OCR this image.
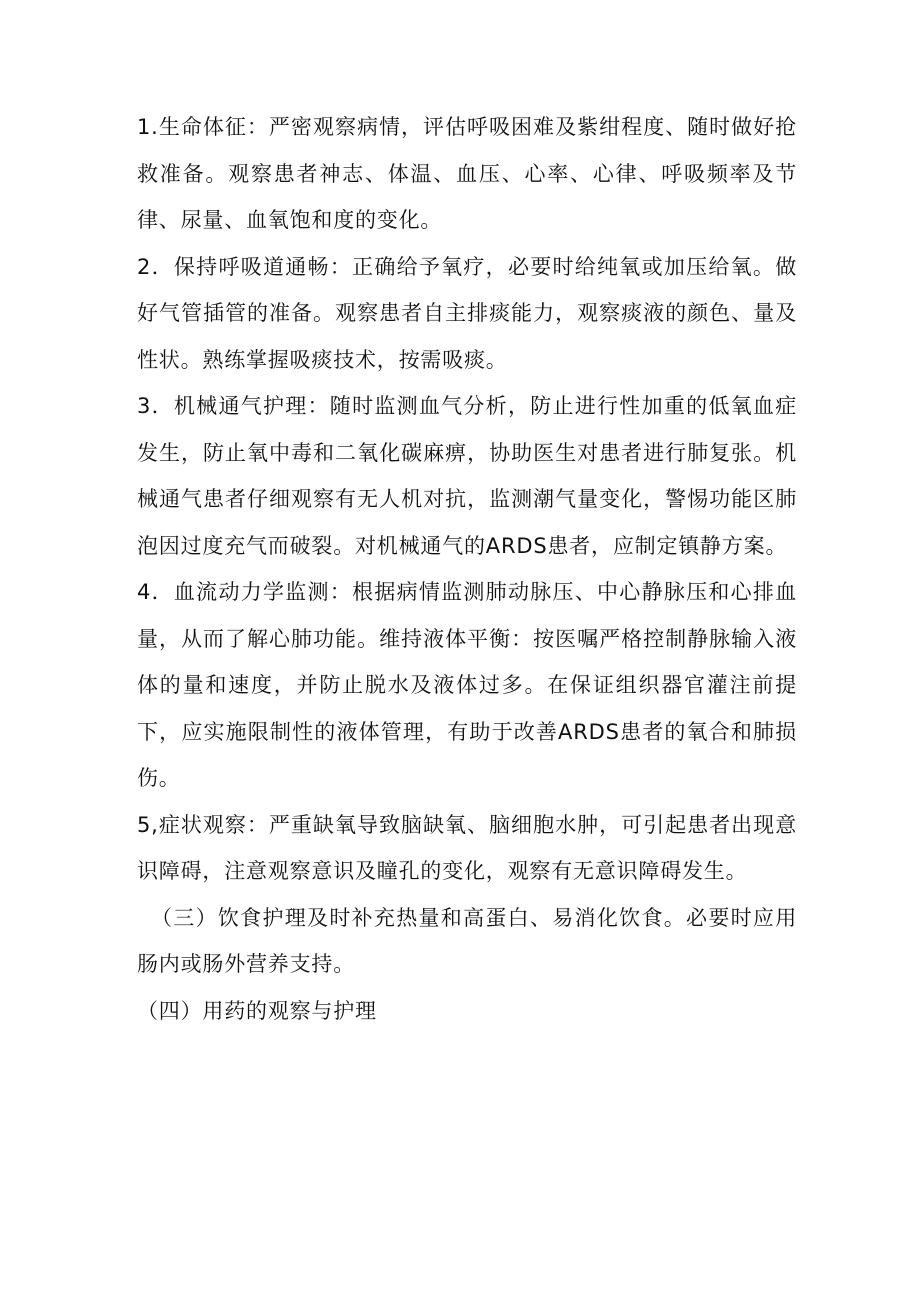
1.生命体征：严密观察病情，评估呼吸困难及紫绀程度、随时做好抢救准备。观察患者神志、体温、血压、心率、心律、呼吸频率及节律、尿量、血氧饱和度的变化。

2．保持呼吸道通畅：正确给予氧疗，必要时给纯氧或加压给氧。做好气管插管的准备。观察患者自主排痰能力，观察痰液的颜色、量及性状。熟练掌握吸痰技术，按需吸痰。

3．机械通气护理：随时监测血气分析，防止进行性加重的低氧血症发生，防止氧中毒和二氧化碳麻痹，协助医生对患者进行肺复张。机械通气患者仔细观察有无人机对抗，监测潮气量变化，警惕功能区肺泡因过度充气而破裂。对机械通气的ARDS患者，应制定镇静方案。

4．血流动力学监测：根据病情监测肺动脉压、中心静脉压和心排血量，从而了解心肺功能。维持液体平衡：按医嘱严格控制静脉输入液体的量和速度，并防止脱水及液体过多。在保证组织器官灌注前提下，应实施限制性的液体管理，有助于改善ARDS患者的氧合和肺损伤。

5,症状观察：严重缺氧导致脑缺氧、脑细胞水肿，可引起患者出现意识障碍，注意观察意识及瞳孔的变化，观察有无意识障碍发生。

（三）饮食护理及时补充热量和高蛋白、易消化饮食。必要时应用肠内或肠外营养支持。

（四）用药的观察与护理
